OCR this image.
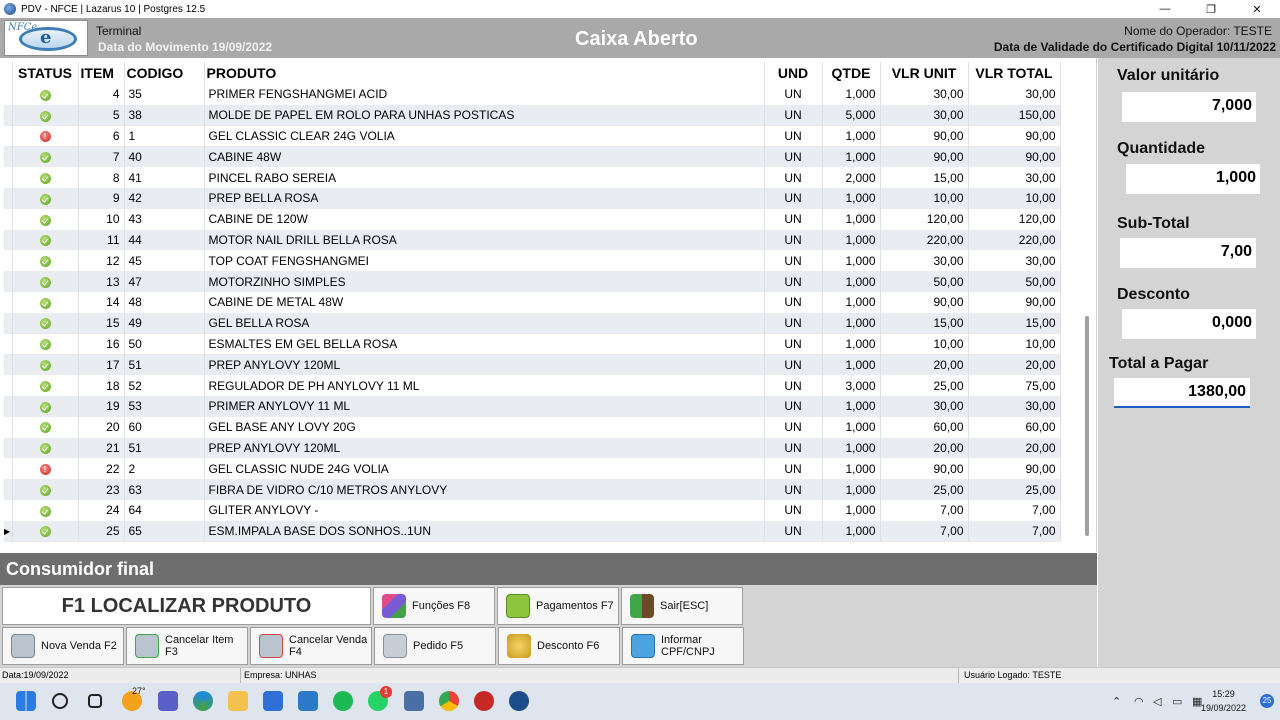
PDV - NFCE | Lazarus 10 | Postgres 12.5	—	❐	✕
NFCe e	Terminal
Data do Movimento 19/09/2022	Caixa Aberto	Nome do Operador: TESTE
Data de Validade do Certificado Digital 10/11/2022
	STATUS	ITEM	CODIGO	PRODUTO	UND	QTDE	VLR UNIT	VLR TOTAL
		4	35	PRIMER FENGSHANGMEI ACID	UN	1,000	30,00	30,00
		5	38	MOLDE DE PAPEL EM ROLO PARA UNHAS POSTICAS	UN	5,000	30,00	150,00
	!	6	1	GEL CLASSIC CLEAR 24G VOLIA	UN	1,000	90,00	90,00
		7	40	CABINE 48W	UN	1,000	90,00	90,00
		8	41	PINCEL RABO SEREIA	UN	2,000	15,00	30,00
		9	42	PREP BELLA ROSA	UN	1,000	10,00	10,00
		10	43	CABINE DE 120W	UN	1,000	120,00	120,00
		11	44	MOTOR NAIL DRILL BELLA ROSA	UN	1,000	220,00	220,00
		12	45	TOP COAT FENGSHANGMEI	UN	1,000	30,00	30,00
		13	47	MOTORZINHO SIMPLES	UN	1,000	50,00	50,00
		14	48	CABINE DE METAL 48W	UN	1,000	90,00	90,00
		15	49	GEL BELLA ROSA	UN	1,000	15,00	15,00
		16	50	ESMALTES EM GEL BELLA ROSA	UN	1,000	10,00	10,00
		17	51	PREP ANYLOVY 120ML	UN	1,000	20,00	20,00
		18	52	REGULADOR DE PH ANYLOVY 11 ML	UN	3,000	25,00	75,00
		19	53	PRIMER ANYLOVY 11 ML	UN	1,000	30,00	30,00
		20	60	GEL BASE ANY LOVY 20G	UN	1,000	60,00	60,00
		21	51	PREP ANYLOVY 120ML	UN	1,000	20,00	20,00
	!	22	2	GEL CLASSIC NUDE 24G VOLIA	UN	1,000	90,00	90,00
		23	63	FIBRA DE VIDRO C/10 METROS ANYLOVY	UN	1,000	25,00	25,00
		24	64	GLITER ANYLOVY -	UN	1,000	7,00	7,00
▶		25	65	ESM.IMPALA BASE DOS SONHOS..1UN	UN	1,000	7,00	7,00
Valor unitário
7,000
Quantidade
1,000
Sub-Total
7,00
Desconto
0,000
Total a Pagar
1380,00
Consumidor final
F1 LOCALIZAR PRODUTO	Funções F8	Pagamentos F7	Sair[ESC]
Nova Venda F2	Cancelar Item F3
Cancelar Venda F4	Pedido F5	Desconto F6	Informar CPF/CNPJ
Data:19/09/2022	Empresa: UNHAS	Usuário Logado: TESTE
27°	1
⌃ ◠ ◁ ▭ ▦
15:29
19/09/2022
25
